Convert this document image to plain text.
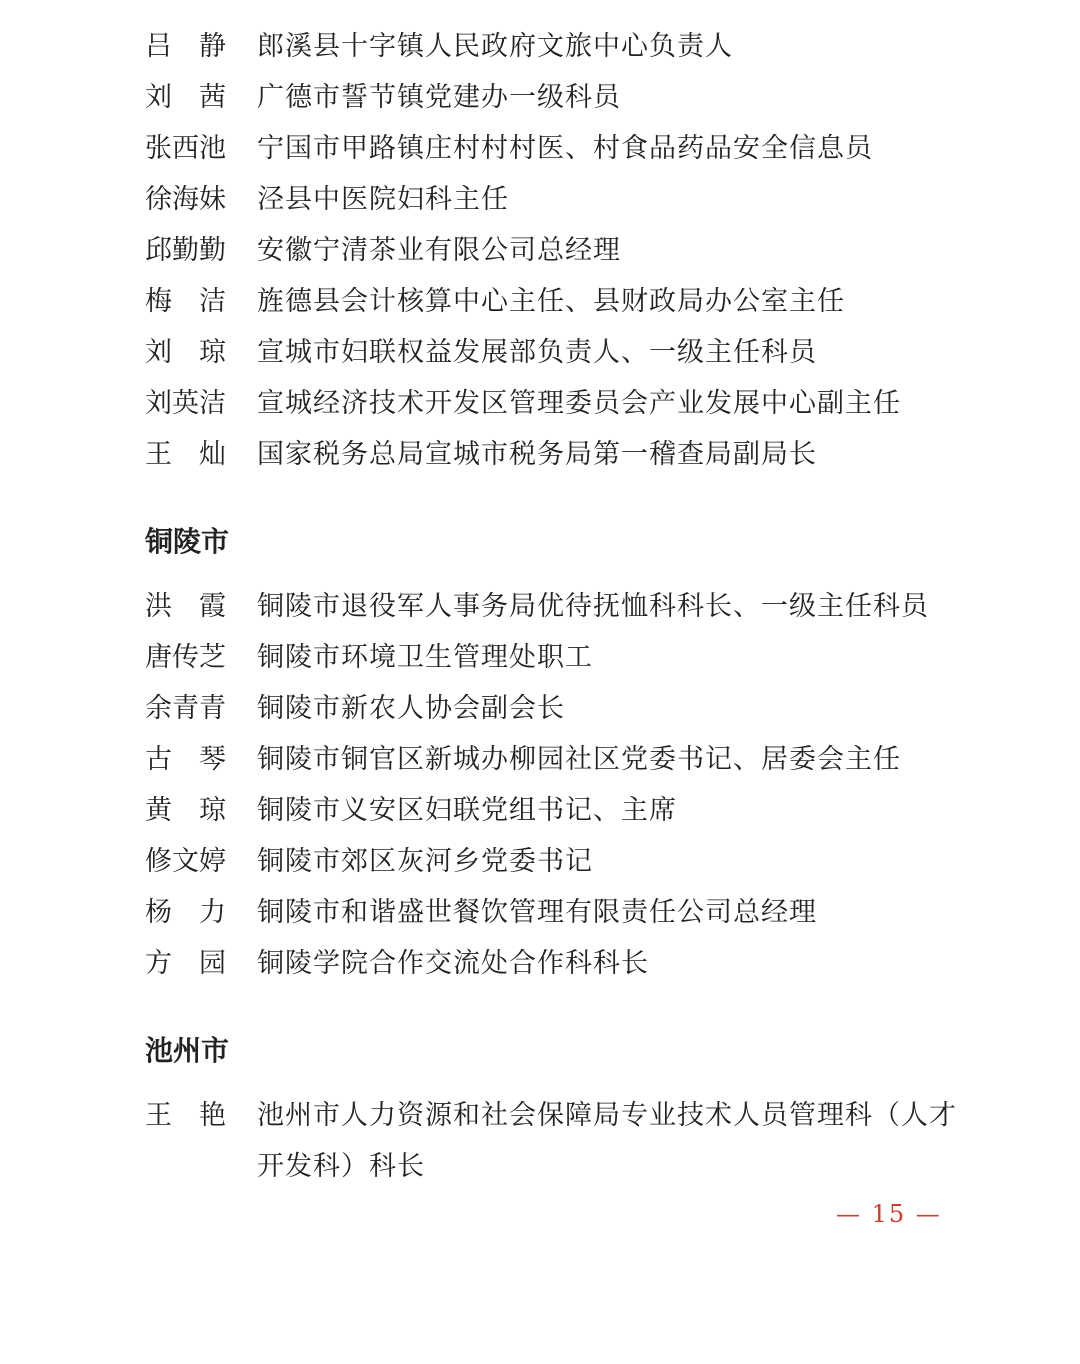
吕　静 郎溪县十字镇人民政府文旅中心负责人
刘　茜 广德市誓节镇党建办一级科员
张西池 宁国市甲路镇庄村村村医、村食品药品安全信息员
徐海妹 泾县中医院妇科主任
邱勤勤 安徽宁清茶业有限公司总经理
梅　洁 旌德县会计核算中心主任、县财政局办公室主任
刘　琼 宣城市妇联权益发展部负责人、一级主任科员
刘英洁 宣城经济技术开发区管理委员会产业发展中心副主任
王　灿 国家税务总局宣城市税务局第一稽查局副局长
铜陵市
洪　霞 铜陵市退役军人事务局优待抚恤科科长、一级主任科员
唐传芝 铜陵市环境卫生管理处职工
余青青 铜陵市新农人协会副会长
古　琴 铜陵市铜官区新城办柳园社区党委书记、居委会主任
黄　琼 铜陵市义安区妇联党组书记、主席
修文婷 铜陵市郊区灰河乡党委书记
杨　力 铜陵市和谐盛世餐饮管理有限责任公司总经理
方　园 铜陵学院合作交流处合作科科长
池州市
王　艳	池州市人力资源和社会保障局专业技术人员管理科（人才开发科）科长
— 15 —
